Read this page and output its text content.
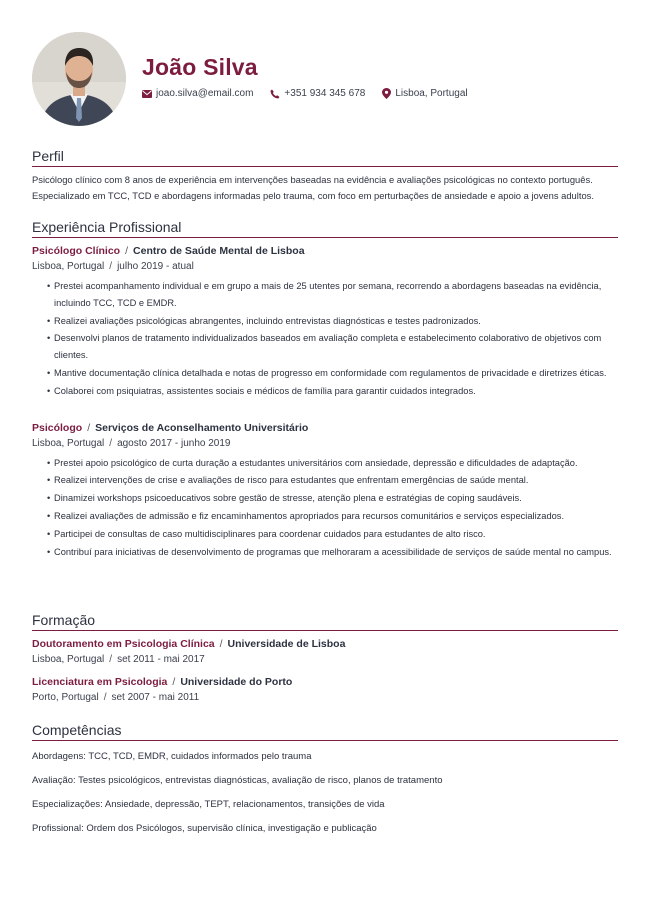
João Silva
joao.silva@email.com	+351 934 345 678	Lisboa, Portugal
Perfil

Psicólogo clínico com 8 anos de experiência em intervenções baseadas na evidência e avaliações psicológicas no contexto português. Especializado em TCC, TCD e abordagens informadas pelo trauma, com foco em perturbações de ansiedade e apoio a jovens adultos.

Experiência Profissional

Psicólogo Clínico / Centro de Saúde Mental de Lisboa

Lisboa, Portugal / julho 2019 - atual

• Prestei acompanhamento individual e em grupo a mais de 25 utentes por semana, recorrendo a abordagens baseadas na evidência, incluindo TCC, TCD e EMDR.
• Realizei avaliações psicológicas abrangentes, incluindo entrevistas diagnósticas e testes padronizados.
• Desenvolvi planos de tratamento individualizados baseados em avaliação completa e estabelecimento colaborativo de objetivos com clientes.
• Mantive documentação clínica detalhada e notas de progresso em conformidade com regulamentos de privacidade e diretrizes éticas.
• Colaborei com psiquiatras, assistentes sociais e médicos de família para garantir cuidados integrados.

Psicólogo / Serviços de Aconselhamento Universitário

Lisboa, Portugal / agosto 2017 - junho 2019

• Prestei apoio psicológico de curta duração a estudantes universitários com ansiedade, depressão e dificuldades de adaptação.
• Realizei intervenções de crise e avaliações de risco para estudantes que enfrentam emergências de saúde mental.
• Dinamizei workshops psicoeducativos sobre gestão de stresse, atenção plena e estratégias de coping saudáveis.
• Realizei avaliações de admissão e fiz encaminhamentos apropriados para recursos comunitários e serviços especializados.
• Participei de consultas de caso multidisciplinares para coordenar cuidados para estudantes de alto risco.
• Contribuí para iniciativas de desenvolvimento de programas que melhoraram a acessibilidade de serviços de saúde mental no campus.
Formação

Doutoramento em Psicologia Clínica / Universidade de Lisboa

Lisboa, Portugal / set 2011 - mai 2017

Licenciatura em Psicologia / Universidade do Porto

Porto, Portugal / set 2007 - mai 2011

Competências

Abordagens: TCC, TCD, EMDR, cuidados informados pelo trauma

Avaliação: Testes psicológicos, entrevistas diagnósticas, avaliação de risco, planos de tratamento

Especializações: Ansiedade, depressão, TEPT, relacionamentos, transições de vida

Profissional: Ordem dos Psicólogos, supervisão clínica, investigação e publicação
